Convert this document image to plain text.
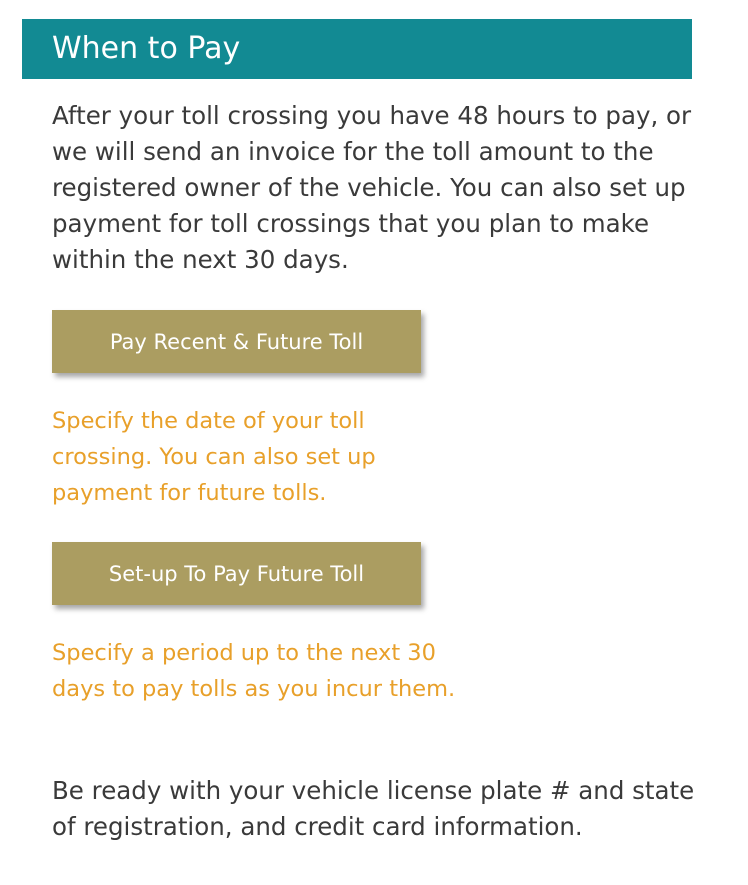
When to Pay

After your toll crossing you have 48 hours to pay, or we will send an invoice for the toll amount to the registered owner of the vehicle. You can also set up payment for toll crossings that you plan to make within the next 30 days.

Pay Recent & Future Toll

Specify the date of your toll crossing. You can also set up payment for future tolls.

Set-up To Pay Future Toll

Specify a period up to the next 30 days to pay tolls as you incur them.

Be ready with your vehicle license plate # and state of registration, and credit card information.
